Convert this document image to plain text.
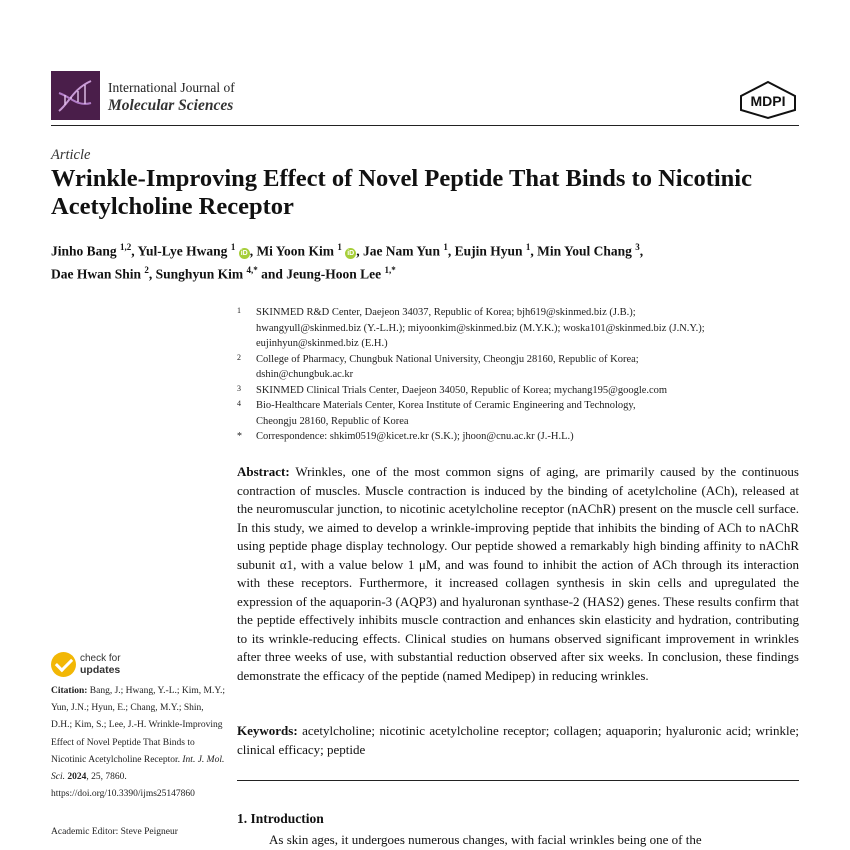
International Journal of
Molecular Sciences	MDPI
Article
Wrinkle-Improving Effect of Novel Peptide That Binds to Nicotinic Acetylcholine Receptor
Jinho Bang $^{1,2}$, Yul-Lye Hwang $^1$ iD , Mi Yoon Kim $^1$ iD , Jae Nam Yun $^1$, Eujin Hyun $^1$, Min Youl Chang $^3$,
Dae Hwan Shin $^2$, Sunghyun Kim $^{4,*}$ and Jeung-Hoon Lee $^{1,*}$
1 SKINMED R&D Center, Daejeon 34037, Republic of Korea; bjh619@skinmed.biz (J.B.);
hwangyull@skinmed.biz (Y.-L.H.); miyoonkim@skinmed.biz (M.Y.K.); woska101@skinmed.biz (J.N.Y.);
eujinhyun@skinmed.biz (E.H.)
2 College of Pharmacy, Chungbuk National University, Cheongju 28160, Republic of Korea;
dshin@chungbuk.ac.kr
3 SKINMED Clinical Trials Center, Daejeon 34050, Republic of Korea; mychang195@google.com
4 Bio-Healthcare Materials Center, Korea Institute of Ceramic Engineering and Technology,
Cheongju 28160, Republic of Korea
* Correspondence: shkim0519@kicet.re.kr (S.K.); jhoon@cnu.ac.kr (J.-H.L.)
Abstract: Wrinkles, one of the most common signs of aging, are primarily caused by the continuous contraction of muscles. Muscle contraction is induced by the binding of acetylcholine (ACh), released at the neuromuscular junction, to nicotinic acetylcholine receptor (nAChR) present on the muscle cell surface. In this study, we aimed to develop a wrinkle-improving peptide that inhibits the binding of ACh to nAChR using peptide phage display technology. Our peptide showed a remarkably high binding affinity to nAChR subunit α1, with a value below 1 μM, and was found to inhibit the action of ACh through its interaction with these receptors. Furthermore, it increased collagen synthesis in skin cells and upregulated the expression of the aquaporin-3 (AQP3) and hyaluronan synthase-2 (HAS2) genes. These results confirm that the peptide effectively inhibits muscle contraction and enhances skin elasticity and hydration, contributing to its wrinkle-reducing effects. Clinical studies on humans observed significant improvement in wrinkles after three weeks of use, with substantial reduction observed after six weeks. In conclusion, these findings demonstrate the efficacy of the peptide (named Medipep) in reducing wrinkles.
Keywords: acetylcholine; nicotinic acetylcholine receptor; collagen; aquaporin; hyaluronic acid; wrinkle; clinical efficacy; peptide
1. Introduction
As skin ages, it undergoes numerous changes, with facial wrinkles being one of the
check for
updates
Citation: Bang, J.; Hwang, Y.-L.; Kim, M.Y.; Yun, J.N.; Hyun, E.; Chang, M.Y.; Shin, D.H.; Kim, S.; Lee, J.-H. Wrinkle-Improving Effect of Novel Peptide That Binds to Nicotinic Acetylcholine Receptor. Int. J. Mol. Sci. 2024, 25, 7860. https://doi.org/10.3390/ijms25147860
Academic Editor: Steve Peigneur
